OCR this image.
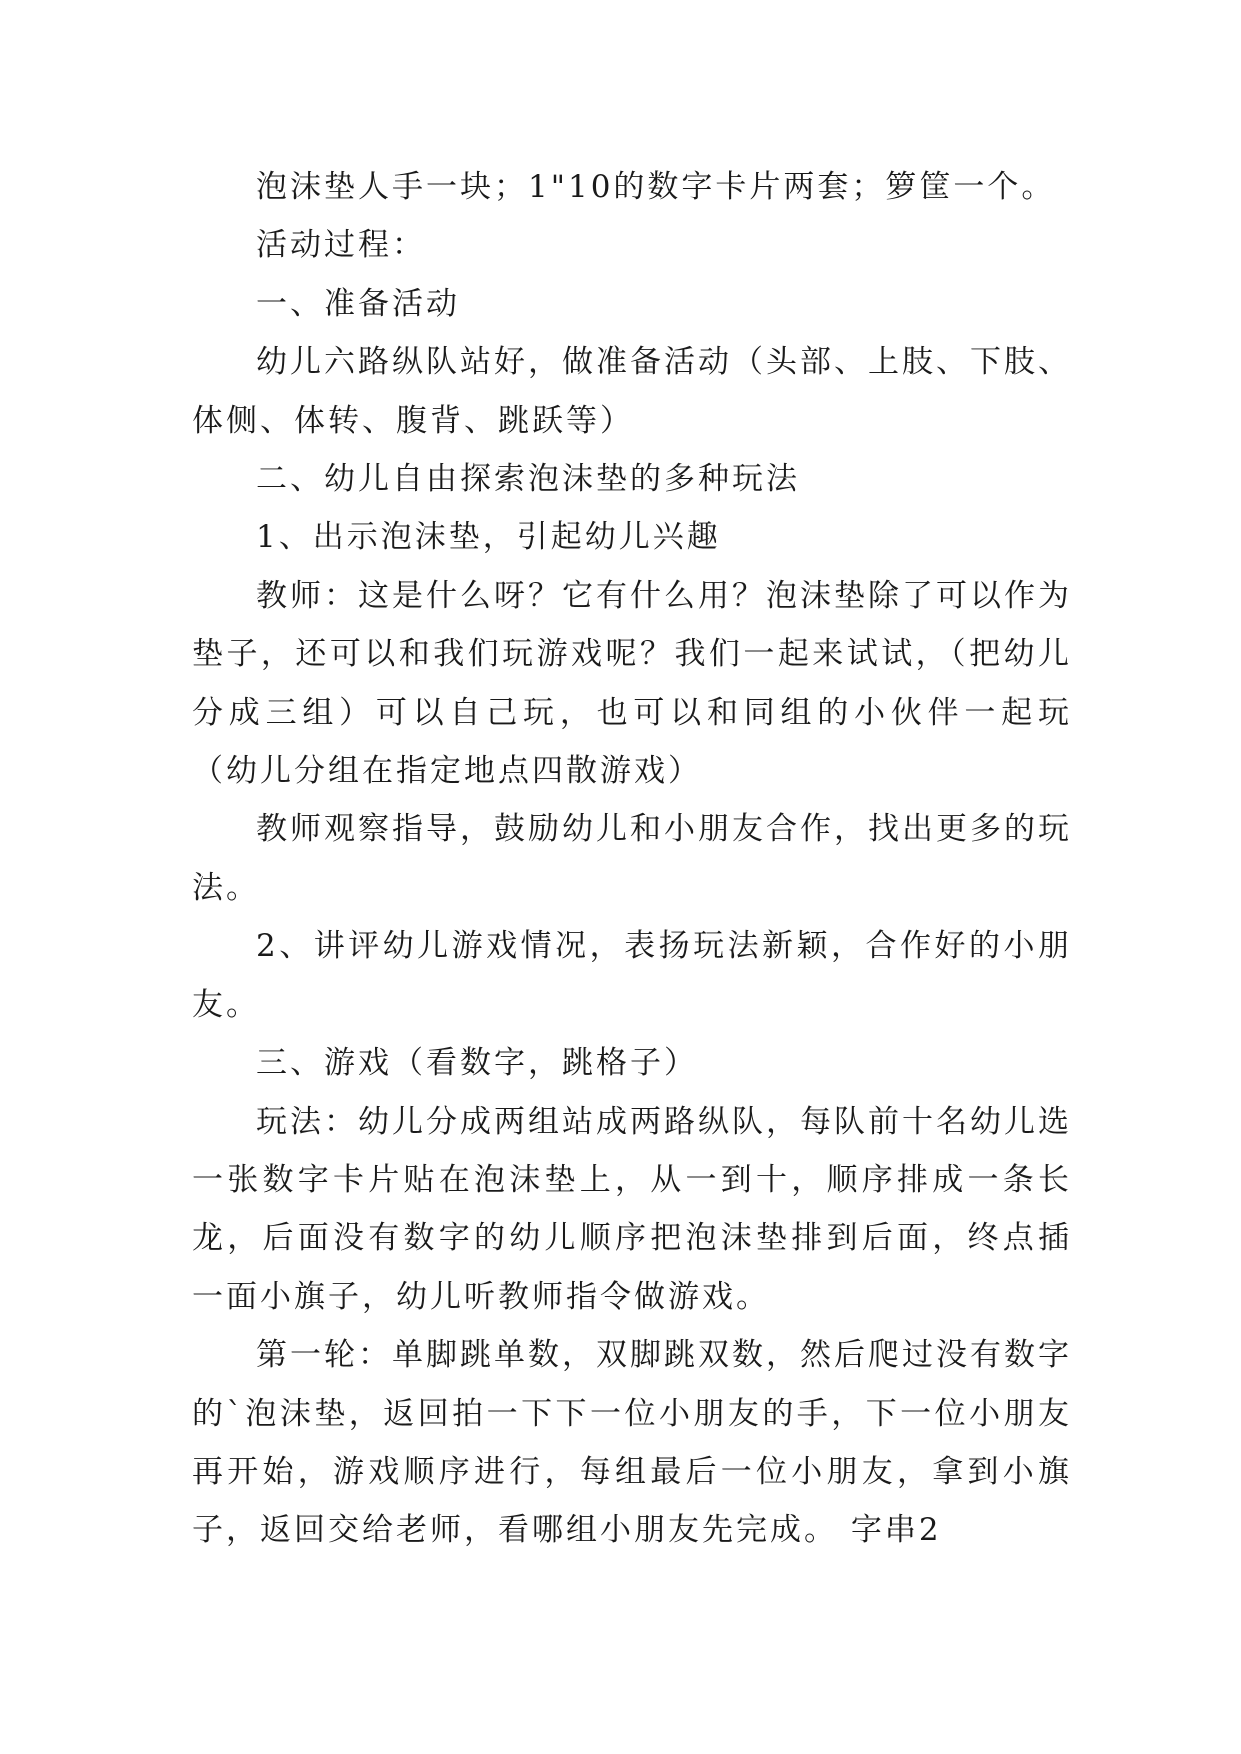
泡沫垫人手一块；1"10的数字卡片两套；箩筐一个。

活动过程：

一、准备活动

幼儿六路纵队站好，做准备活动（头部、上肢、下肢、体侧、体转、腹背、跳跃等）

二、幼儿自由探索泡沫垫的多种玩法

1、出示泡沫垫，引起幼儿兴趣

教师：这是什么呀？它有什么用？泡沫垫除了可以作为垫子，还可以和我们玩游戏呢？我们一起来试试，（把幼儿分成三组）可以自己玩，也可以和同组的小伙伴一起玩（幼儿分组在指定地点四散游戏）

教师观察指导，鼓励幼儿和小朋友合作，找出更多的玩法。

2、讲评幼儿游戏情况，表扬玩法新颖，合作好的小朋友。

三、游戏（看数字，跳格子）

玩法：幼儿分成两组站成两路纵队，每队前十名幼儿选一张数字卡片贴在泡沫垫上，从一到十，顺序排成一条长龙，后面没有数字的幼儿顺序把泡沫垫排到后面，终点插一面小旗子，幼儿听教师指令做游戏。

第一轮：单脚跳单数，双脚跳双数，然后爬过没有数字的`泡沫垫，返回拍一下下一位小朋友的手，下一位小朋友再开始，游戏顺序进行，每组最后一位小朋友，拿到小旗子，返回交给老师，看哪组小朋友先完成。 字串2
